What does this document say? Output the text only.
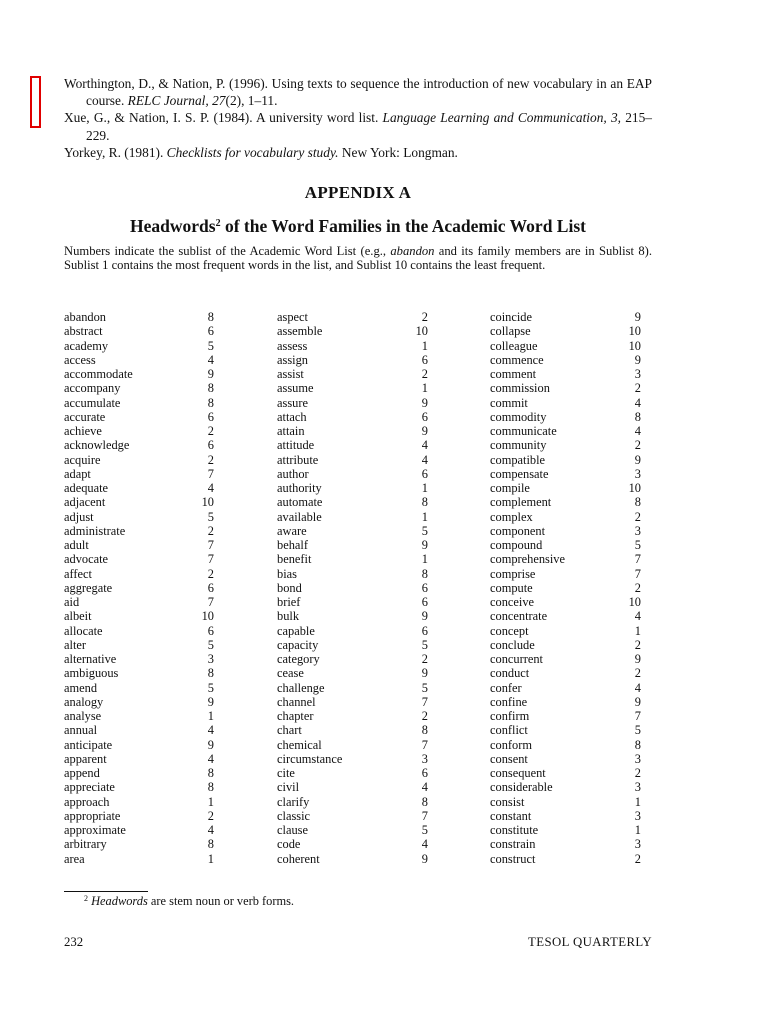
Worthington, D., & Nation, P. (1996). Using texts to sequence the introduction of new vocabulary in an EAP course. RELC Journal, 27(2), 1–11.
Xue, G., & Nation, I. S. P. (1984). A university word list. Language Learning and Communication, 3, 215–229.
Yorkey, R. (1981). Checklists for vocabulary study. New York: Longman.
APPENDIX A
Headwords$^2$ of the Word Families in the Academic Word List
Numbers indicate the sublist of the Academic Word List (e.g., abandon and its family members are in Sublist 8). Sublist 1 contains the most frequent words in the list, and Sublist 10 contains the least frequent.
abandon	8
abstract	6
academy	5
access	4
accommodate	9
accompany	8
accumulate	8
accurate	6
achieve	2
acknowledge	6
acquire	2
adapt	7
adequate	4
adjacent	10
adjust	5
administrate	2
adult	7
advocate	7
affect	2
aggregate	6
aid	7
albeit	10
allocate	6
alter	5
alternative	3
ambiguous	8
amend	5
analogy	9
analyse	1
annual	4
anticipate	9
apparent	4
append	8
appreciate	8
approach	1
appropriate	2
approximate	4
arbitrary	8
area	1
aspect	2
assemble	10
assess	1
assign	6
assist	2
assume	1
assure	9
attach	6
attain	9
attitude	4
attribute	4
author	6
authority	1
automate	8
available	1
aware	5
behalf	9
benefit	1
bias	8
bond	6
brief	6
bulk	9
capable	6
capacity	5
category	2
cease	9
challenge	5
channel	7
chapter	2
chart	8
chemical	7
circumstance	3
cite	6
civil	4
clarify	8
classic	7
clause	5
code	4
coherent	9
coincide	9
collapse	10
colleague	10
commence	9
comment	3
commission	2
commit	4
commodity	8
communicate	4
community	2
compatible	9
compensate	3
compile	10
complement	8
complex	2
component	3
compound	5
comprehensive	7
comprise	7
compute	2
conceive	10
concentrate	4
concept	1
conclude	2
concurrent	9
conduct	2
confer	4
confine	9
confirm	7
conflict	5
conform	8
consent	3
consequent	2
considerable	3
consist	1
constant	3
constitute	1
constrain	3
construct	2
$^2$ Headwords are stem noun or verb forms.
232	TESOL QUARTERLY
